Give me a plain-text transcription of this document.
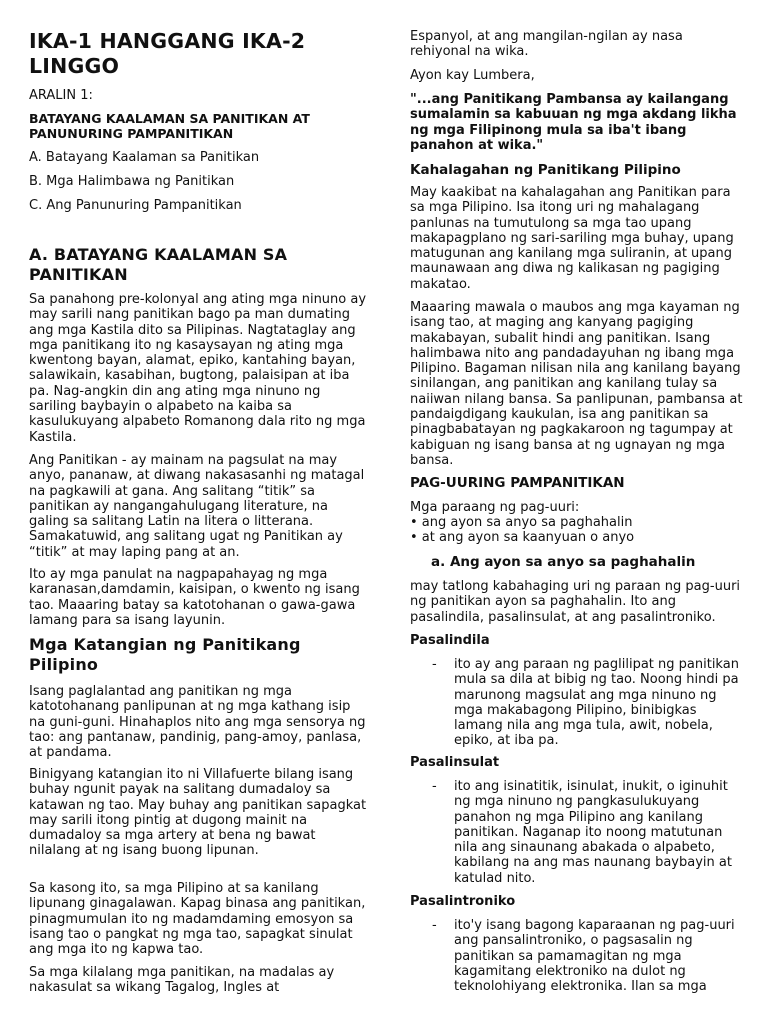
IKA-1 HANGGANG IKA-2 LINGGO

ARALIN 1:

BATAYANG KAALAMAN SA PANITIKAN AT PANUNURING PAMPANITIKAN

A. Batayang Kaalaman sa Panitikan

B. Mga Halimbawa ng Panitikan

C. Ang Panunuring Pampanitikan

A. BATAYANG KAALAMAN SA PANITIKAN

Sa panahong pre-kolonyal ang ating mga ninuno ay may sarili nang panitikan bago pa man dumating ang mga Kastila dito sa Pilipinas. Nagtataglay ang mga panitikang ito ng kasaysayan ng ating mga kwentong bayan, alamat, epiko, kantahing bayan, salawikain, kasabihan, bugtong, palaisipan at iba pa. Nag-angkin din ang ating mga ninuno ng sariling baybayin o alpabeto na kaiba sa kasulukuyang alpabeto Romanong dala rito ng mga Kastila.

Ang Panitikan - ay mainam na pagsulat na may anyo, pananaw, at diwang nakasasanhi ng matagal na pagkawili at gana. Ang salitang “titik” sa panitikan ay nangangahulugang literature, na galing sa salitang Latin na litera o litterana. Samakatuwid, ang salitang ugat ng Panitikan ay “titik” at may laping pang at an.

Ito ay mga panulat na nagpapahayag ng mga karanasan,damdamin, kaisipan, o kwento ng isang tao. Maaaring batay sa katotohanan o gawa-gawa lamang para sa isang layunin.

Mga Katangian ng Panitikang Pilipino

Isang paglalantad ang panitikan ng mga katotohanang panlipunan at ng mga kathang isip na guni-guni. Hinahaplos nito ang mga sensorya ng tao: ang pantanaw, pandinig, pang-amoy, panlasa, at pandama.

Binigyang katangian ito ni Villafuerte bilang isang buhay ngunit payak na salitang dumadaloy sa katawan ng tao. May buhay ang panitikan sapagkat may sarili itong pintig at dugong mainit na dumadaloy sa mga artery at bena ng bawat nilalang at ng isang buong lipunan.

Sa kasong ito, sa mga Pilipino at sa kanilang lipunang ginagalawan. Kapag binasa ang panitikan, pinagmumulan ito ng madamdaming emosyon sa isang tao o pangkat ng mga tao, sapagkat sinulat ang mga ito ng kapwa tao.

Sa mga kilalang mga panitikan, na madalas ay nakasulat sa wikang Tagalog, Ingles at

Espanyol, at ang mangilan-ngilan ay nasa rehiyonal na wika.

Ayon kay Lumbera,

"...ang Panitikang Pambansa ay kailangang sumalamin sa kabuuan ng mga akdang likha ng mga Filipinong mula sa iba't ibang panahon at wika."

Kahalagahan ng Panitikang Pilipino

May kaakibat na kahalagahan ang Panitikan para sa mga Pilipino. Isa itong uri ng mahalagang panlunas na tumutulong sa mga tao upang makapagplano ng sari-sariling mga buhay, upang matugunan ang kanilang mga suliranin, at upang maunawaan ang diwa ng kalikasan ng pagiging makatao.

Maaaring mawala o maubos ang mga kayaman ng isang tao, at maging ang kanyang pagiging makabayan, subalit hindi ang panitikan. Isang halimbawa nito ang pandadayuhan ng ibang mga Pilipino. Bagaman nilisan nila ang kanilang bayang sinilangan, ang panitikan ang kanilang tulay sa naiiwan nilang bansa. Sa panlipunan, pambansa at pandaigdigang kaukulan, isa ang panitikan sa pinagbabatayan ng pagkakaroon ng tagumpay at kabiguan ng isang bansa at ng ugnayan ng mga bansa.

PAG-UURING PAMPANITIKAN

Mga paraang ng pag-uuri:

• ang ayon sa anyo sa paghahalin

• at ang ayon sa kaanyuan o anyo

a. Ang ayon sa anyo sa paghahalin

may tatlong kabahaging uri ng paraan ng pag-uuri ng panitikan ayon sa paghahalin. Ito ang pasalindila, pasalinsulat, at ang pasalintroniko.

Pasalindila

- ito ay ang paraan ng paglilipat ng panitikan mula sa dila at bibig ng tao. Noong hindi pa marunong magsulat ang mga ninuno ng mga makabagong Pilipino, binibigkas lamang nila ang mga tula, awit, nobela, epiko, at iba pa.

Pasalinsulat

- ito ang isinatitik, isinulat, inukit, o iginuhit ng mga ninuno ng pangkasulukuyang panahon ng mga Pilipino ang kanilang panitikan. Naganap ito noong matutunan nila ang sinaunang abakada o alpabeto, kabilang na ang mas naunang baybayin at katulad nito.

Pasalintroniko

- ito'y isang bagong kaparaanan ng pag-uuri ang pansalintroniko, o pagsasalin ng panitikan sa pamamagitan ng mga kagamitang elektroniko na dulot ng teknolohiyang elektronika. Ilan sa mga
